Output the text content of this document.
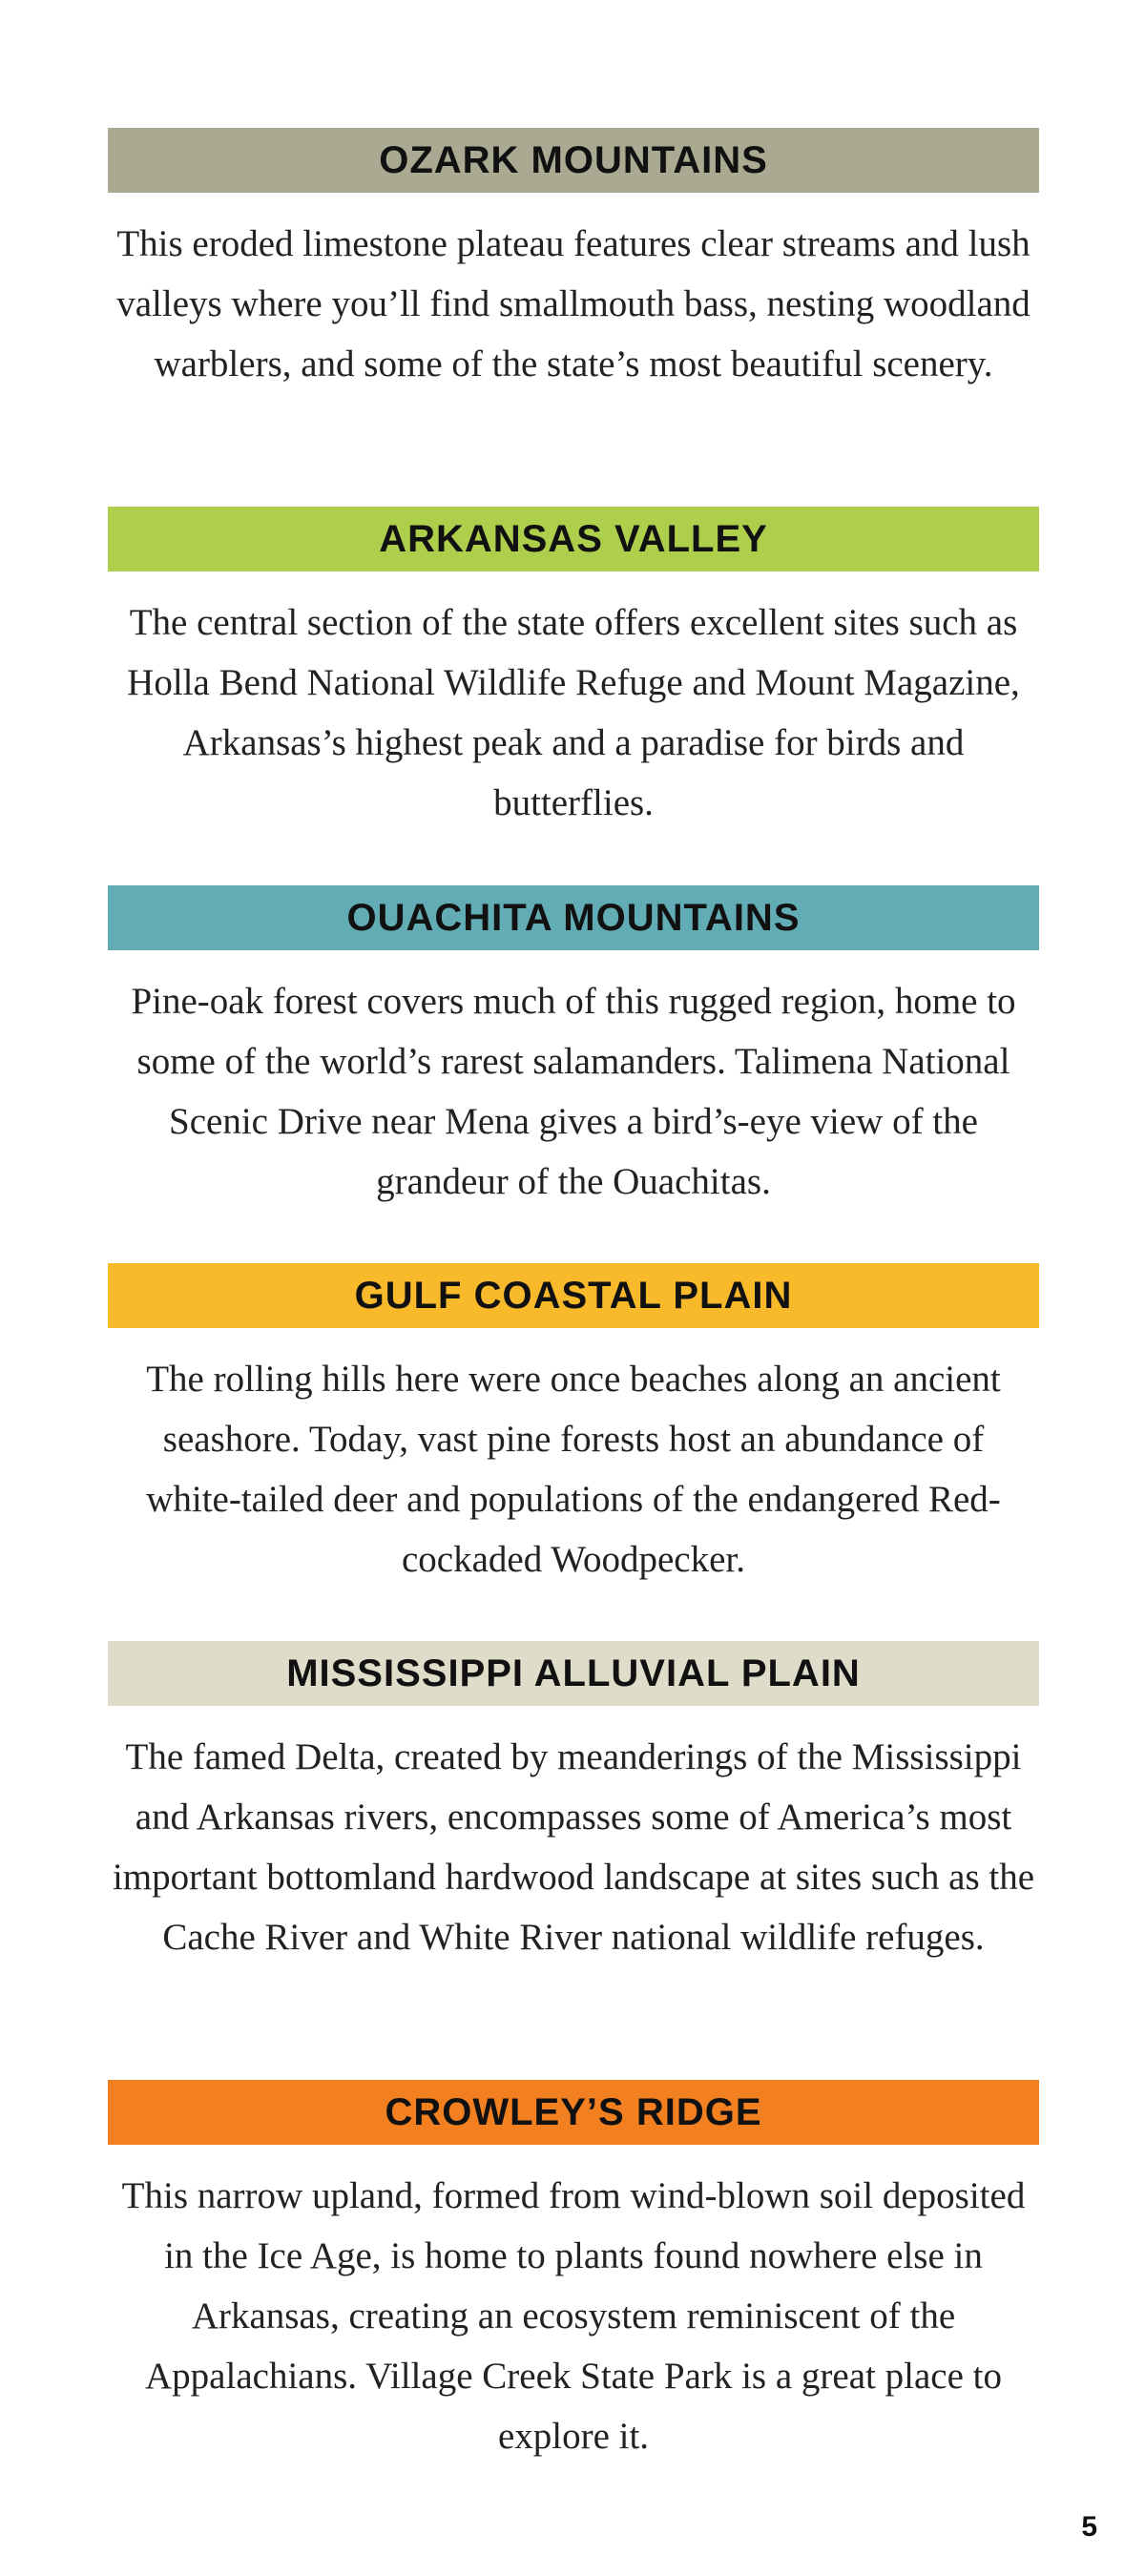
OZARK MOUNTAINS
This eroded limestone plateau features clear streams and lush valleys where you’ll find smallmouth bass, nesting woodland warblers, and some of the state’s most beautiful scenery.
ARKANSAS VALLEY
The central section of the state offers excellent sites such as Holla Bend National Wildlife Refuge and Mount Magazine, Arkansas’s highest peak and a paradise for birds and butterflies.
OUACHITA MOUNTAINS
Pine-oak forest covers much of this rugged region, home to some of the world’s rarest salamanders. Talimena National Scenic Drive near Mena gives a bird’s-eye view of the grandeur of the Ouachitas.
GULF COASTAL PLAIN
The rolling hills here were once beaches along an ancient seashore. Today, vast pine forests host an abundance of white-tailed deer and populations of the endangered Red-cockaded Woodpecker.
MISSISSIPPI ALLUVIAL PLAIN
The famed Delta, created by meanderings of the Mississippi and Arkansas rivers, encompasses some of America’s most important bottomland hardwood landscape at sites such as the Cache River and White River national wildlife refuges.
CROWLEY’S RIDGE
This narrow upland, formed from wind-blown soil deposited in the Ice Age, is home to plants found nowhere else in Arkansas, creating an ecosystem reminiscent of the Appalachians. Village Creek State Park is a great place to explore it.
5
